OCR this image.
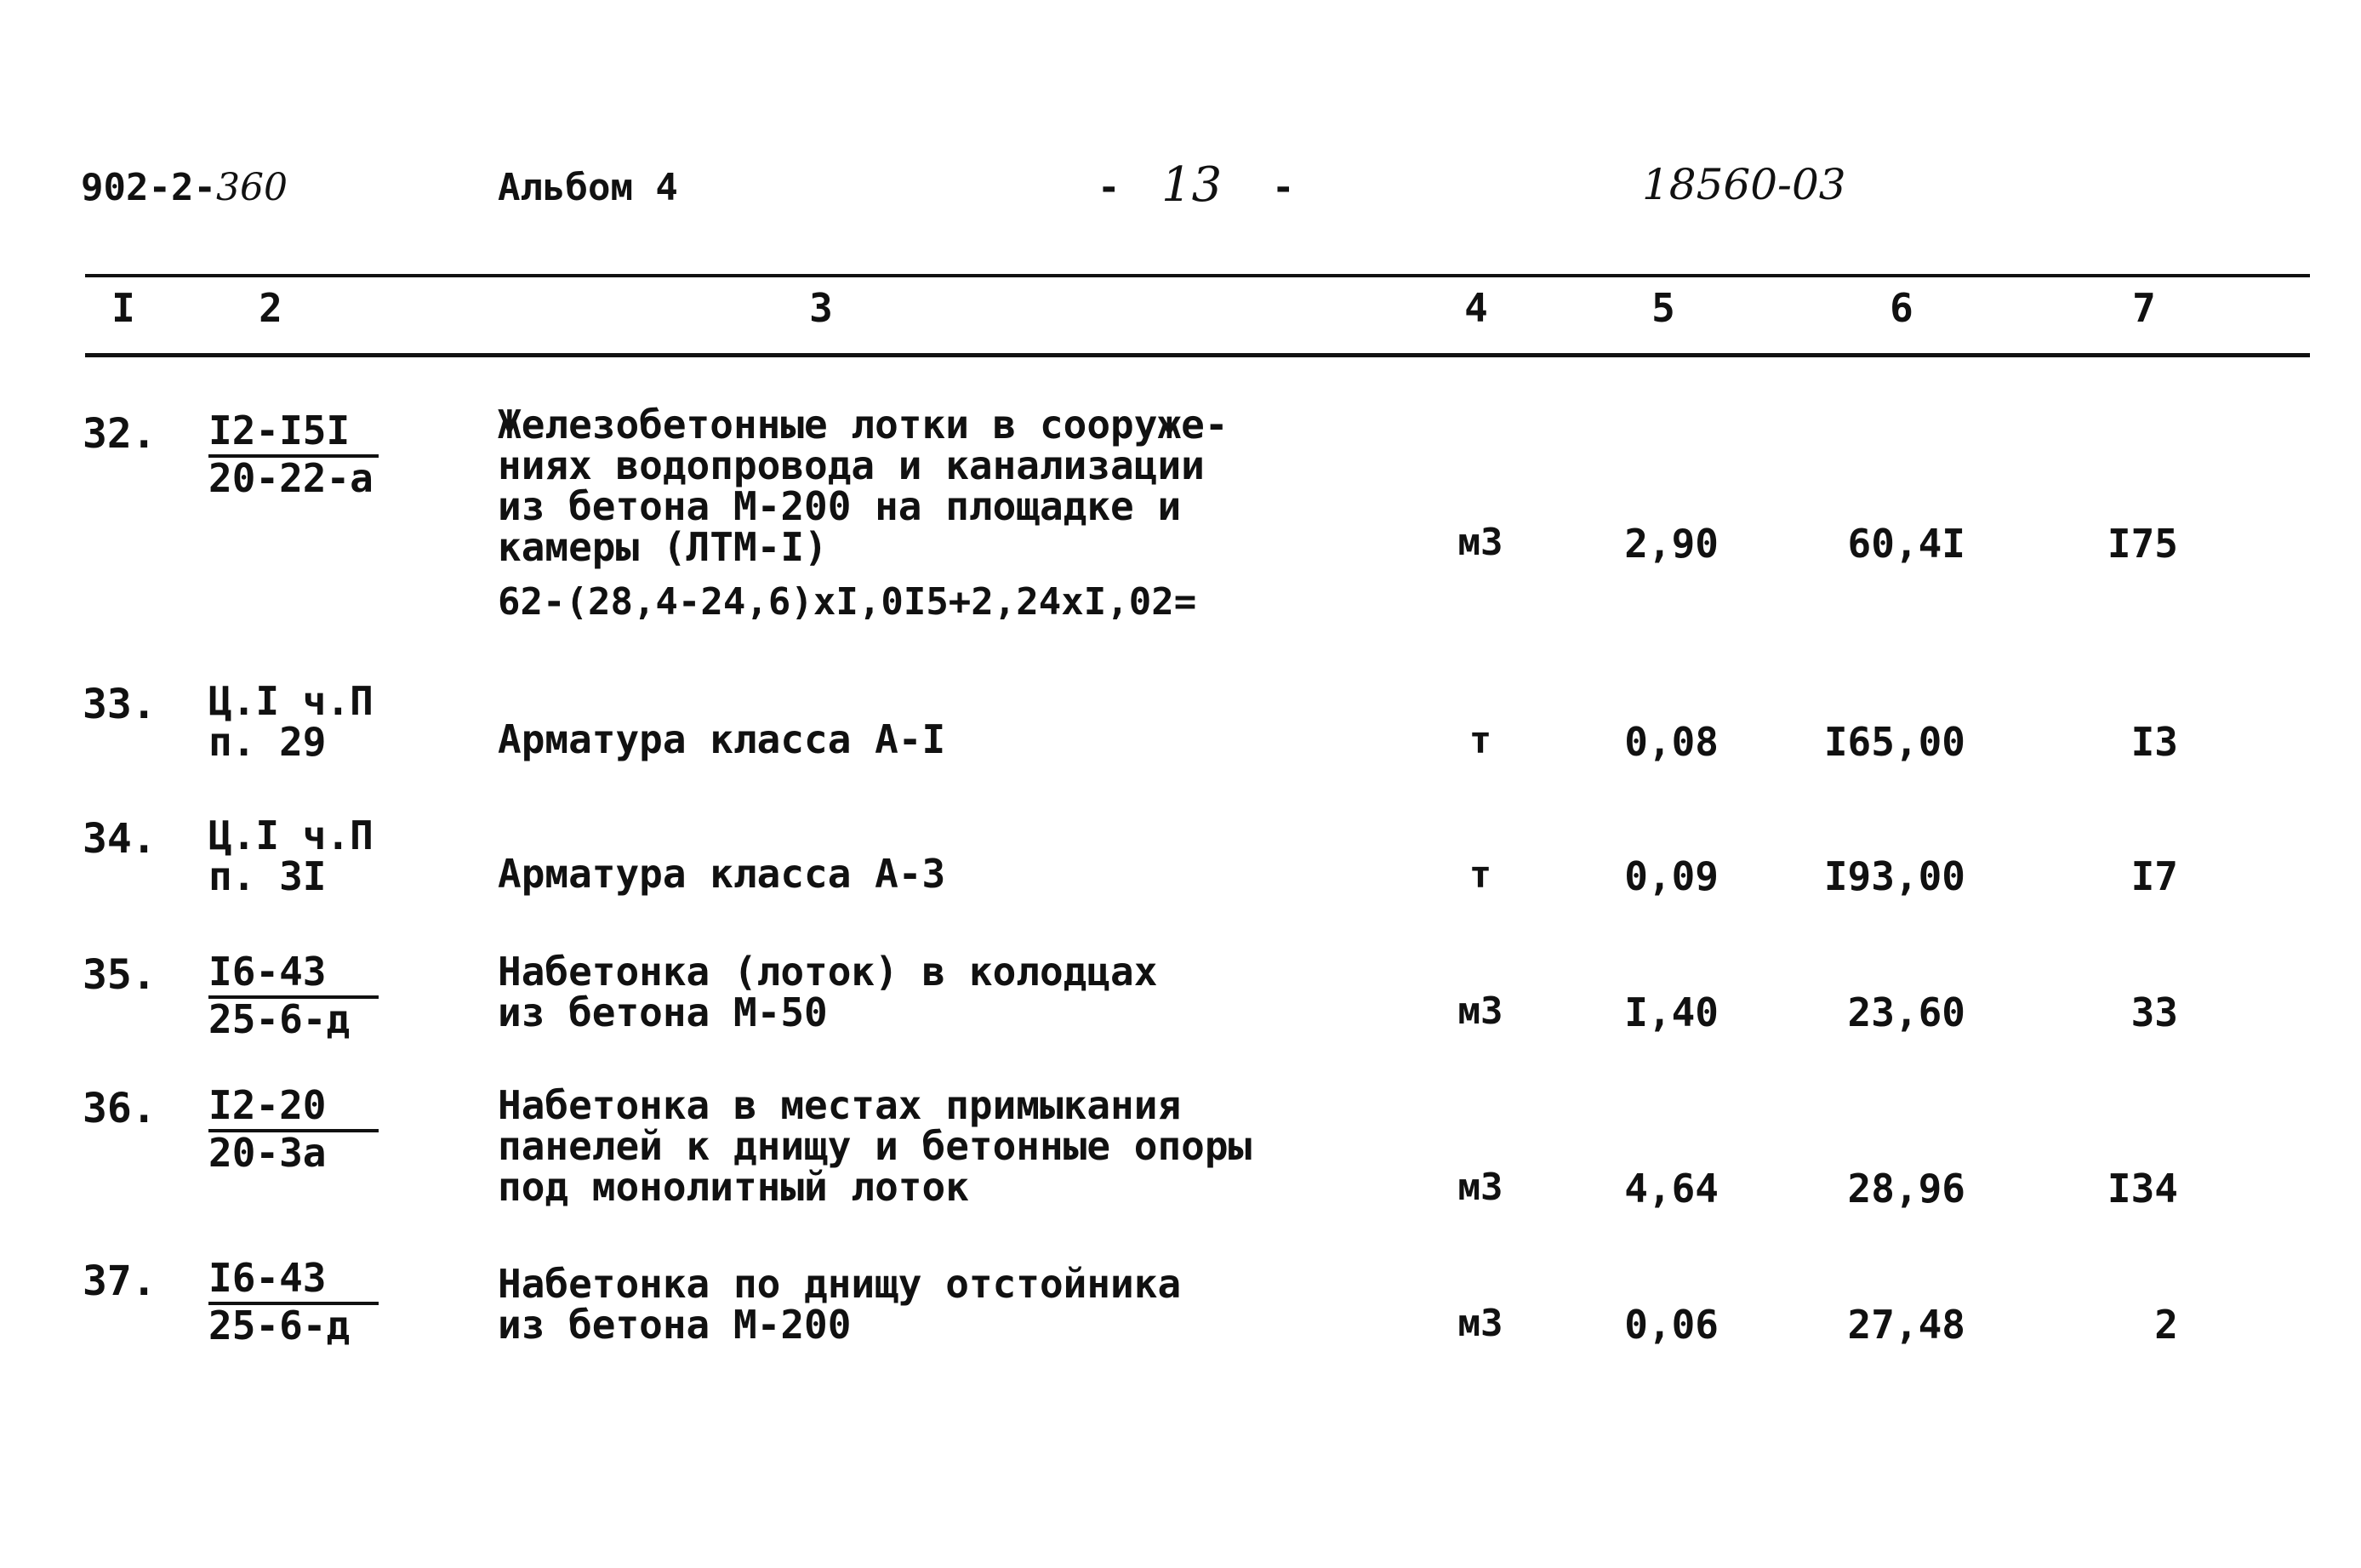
902-2-360	Альбом 4	- 13 -	18560-03
I	2	3	4	5	6	7
32. I2-I5I
20-22-а
Железобетонные лотки в сооруже-
ниях водопровода и канализации
из бетона М-200 на площадке и
камеры (ЛТМ-I)
62-(28,4-24,6)xI,0I5+2,24xI,02=
м3	2,90	60,4I	I75
33. Ц.I ч.П
п. 29	Арматура класса А-I	т	0,08	I65,00	I3
34. Ц.I ч.П
п. 3I	Арматура класса А-3	т	0,09	I93,00	I7
35. I6-43
25-6-д
Набетонка (лоток) в колодцах
из бетона М-50	м3	I,40	23,60	33
36. I2-20
20-3а
Набетонка в местах примыкания
панелей к днищу и бетонные опоры
под монолитный лоток	м3	4,64	28,96	I34
37. I6-43
25-6-д
Набетонка по днищу отстойника
из бетона М-200	м3	0,06	27,48	2
